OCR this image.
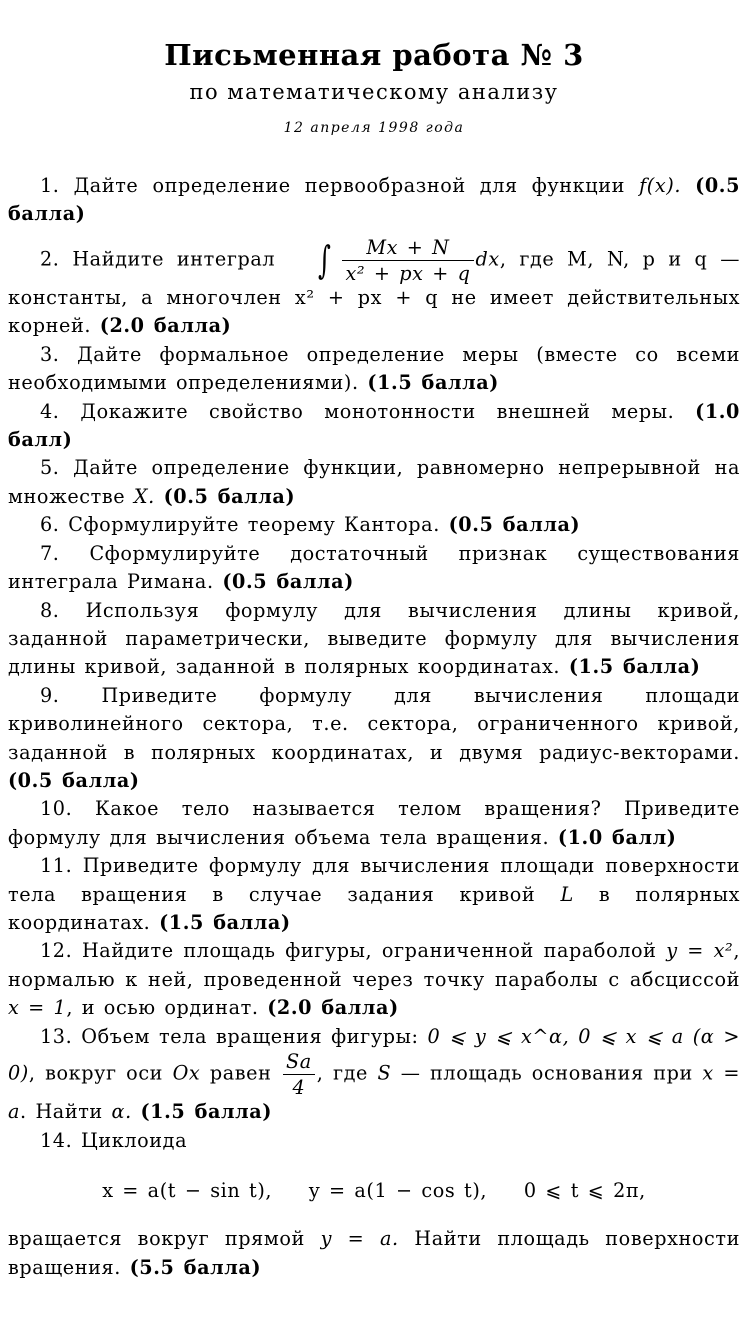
Письменная работа № 3
по математическому анализу
12 апреля 1998 года

1. Дайте определение первообразной для функции f(x). (0.5 балла)

2. Найдите интеграл ∫ $\frac{Mx + N}{\text{x² + px + q}}$ dx, где M, N, p и q — константы, а многочлен x² + px + q не имеет действительных корней. (2.0 балла)

3. Дайте формальное определение меры (вместе со всеми необходимыми определениями). (1.5 балла)

4. Докажите свойство монотонности внешней меры. (1.0 балл)

5. Дайте определение функции, равномерно непрерывной на множестве X. (0.5 балла)

6. Сформулируйте теорему Кантора. (0.5 балла)

7. Сформулируйте достаточный признак существования интеграла Римана. (0.5 балла)

8. Используя формулу для вычисления длины кривой, заданной параметрически, выведите формулу для вычисления длины кривой, заданной в полярных координатах. (1.5 балла)

9. Приведите формулу для вычисления площади криволинейного сектора, т.е. сектора, ограниченного кривой, заданной в полярных координатах, и двумя радиус-векторами. (0.5 балла)

10. Какое тело называется телом вращения? Приведите формулу для вычисления объема тела вращения. (1.0 балл)

11. Приведите формулу для вычисления площади поверхности тела вращения в случае задания кривой L в полярных координатах. (1.5 балла)

12. Найдите площадь фигуры, ограниченной параболой y = x², нормалью к ней, проведенной через точку параболы с абсциссой x = 1, и осью ординат. (2.0 балла)

13. Объем тела вращения фигуры: 0 ⩽ y ⩽ x^α, 0 ⩽ x ⩽ a (α > 0), вокруг оси Ox равен $\frac{Sa}{4}$ , где S — площадь основания при x = a. Найти α. (1.5 балла)

14. Циклоида

x = a(t − sin t), y = a(1 − cos t), 0 ⩽ t ⩽ 2π,

вращается вокруг прямой y = a. Найти площадь поверхности вращения. (5.5 балла)
